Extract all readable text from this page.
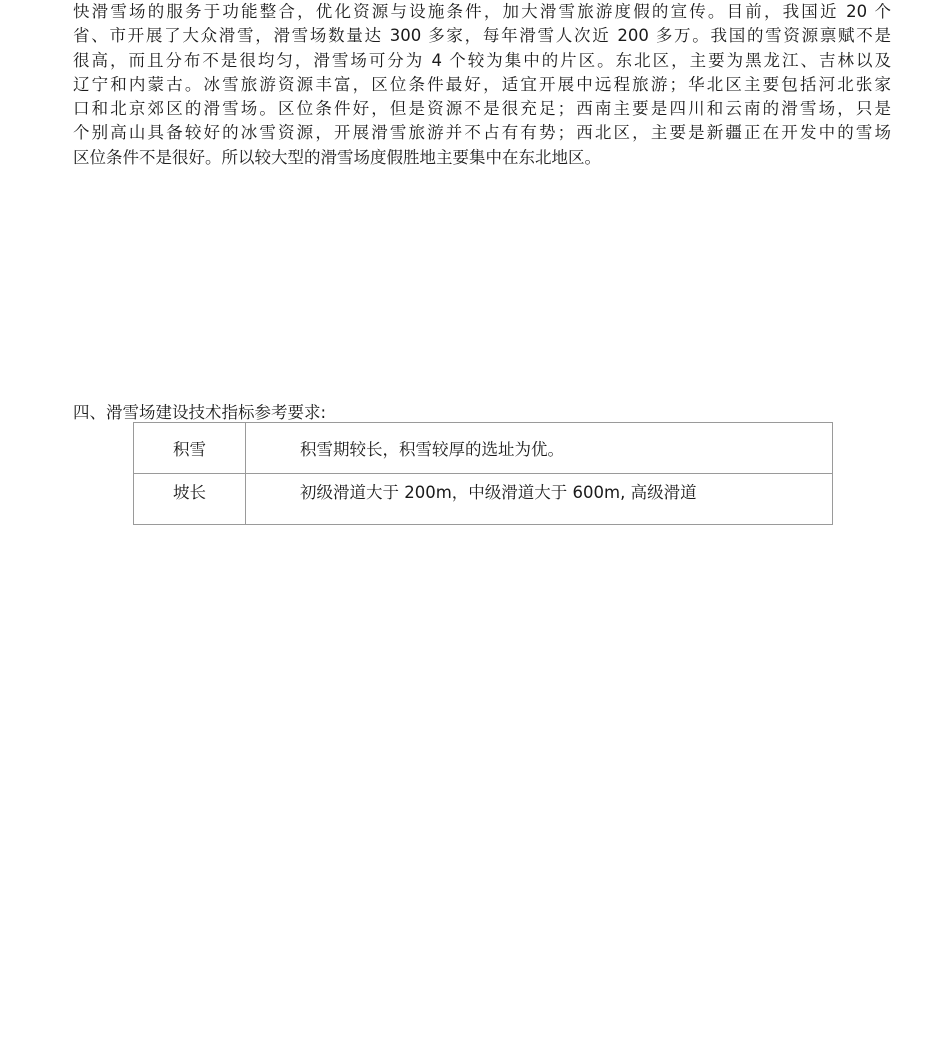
快滑雪场的服务于功能整合，优化资源与设施条件，加大滑雪旅游度假的宣传。目前，我国近 20 个
省、市开展了大众滑雪，滑雪场数量达 300 多家，每年滑雪人次近 200 多万。我国的雪资源禀赋不是
很高，而且分布不是很均匀，滑雪场可分为 4 个较为集中的片区。东北区，主要为黑龙江、吉林以及
辽宁和内蒙古。冰雪旅游资源丰富，区位条件最好，适宜开展中远程旅游；华北区主要包括河北张家
口和北京郊区的滑雪场。区位条件好，但是资源不是很充足；西南主要是四川和云南的滑雪场，只是
个别高山具备较好的冰雪资源，开展滑雪旅游并不占有有势；西北区，主要是新疆正在开发中的雪场
区位条件不是很好。所以较大型的滑雪场度假胜地主要集中在东北地区。
四、滑雪场建设技术指标参考要求:
积雪	积雪期较长，积雪较厚的选址为优。

坡长	初级滑道大于 200m，中级滑道大于 600m, 高级滑道
